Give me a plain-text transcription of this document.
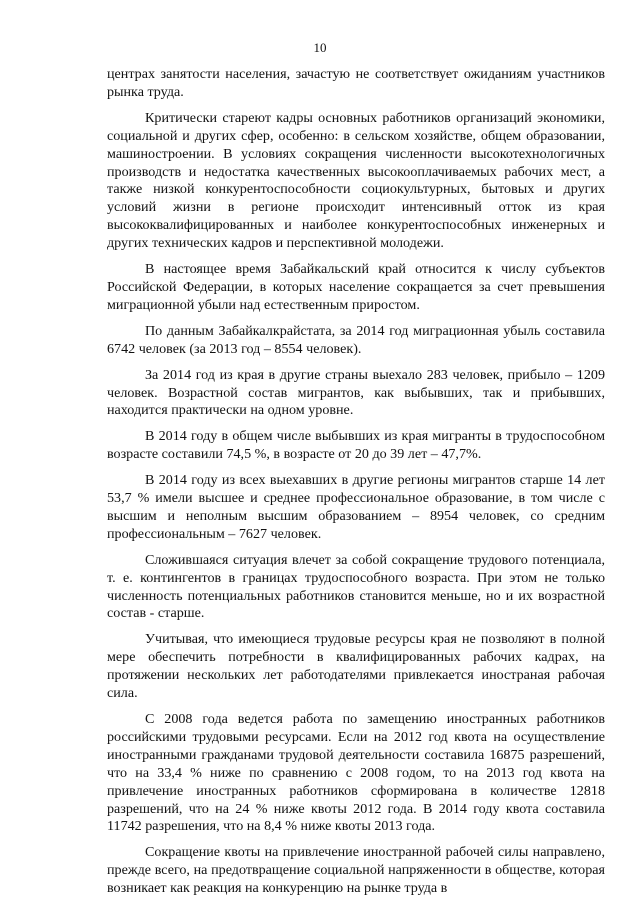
10

центрах занятости населения, зачастую не соответствует ожиданиям участников рынка труда.

Критически стареют кадры основных работников организаций экономики, социальной и других сфер, особенно: в сельском хозяйстве, общем образовании, машиностроении. В условиях сокращения численности высокотехнологичных производств и недостатка качественных высокооплачиваемых рабочих мест, а также низкой конкурентоспособности социокультурных, бытовых и других условий жизни в регионе происходит интенсивный отток из края высококвалифицированных и наиболее конкурентоспособных инженерных и других технических кадров и перспективной молодежи.

В настоящее время Забайкальский край относится к числу субъектов Российской Федерации, в которых население сокращается за счет превышения миграционной убыли над естественным приростом.

По данным Забайкалкрайстата, за 2014 год миграционная убыль составила 6742 человек (за 2013 год – 8554 человек).

За 2014 год из края в другие страны выехало 283 человек, прибыло – 1209 человек. Возрастной состав мигрантов, как выбывших, так и прибывших, находится практически на одном уровне.

В 2014 году в общем числе выбывших из края мигранты в трудоспособном возрасте составили 74,5 %, в возрасте от 20 до 39 лет – 47,7%.

В 2014 году из всех выехавших в другие регионы мигрантов старше 14 лет 53,7 % имели высшее и среднее профессиональное образование, в том числе с высшим и неполным высшим образованием – 8954 человек, со средним профессиональным – 7627 человек.

Сложившаяся ситуация влечет за собой сокращение трудового потенциала, т. е. контингентов в границах трудоспособного возраста. При этом не только численность потенциальных работников становится меньше, но и их возрастной состав - старше.

Учитывая, что имеющиеся трудовые ресурсы края не позволяют в полной мере обеспечить потребности в квалифицированных рабочих кадрах, на протяжении нескольких лет работодателями привлекается иностраная рабочая сила.

С 2008 года ведется работа по замещению иностранных работников российскими трудовыми ресурсами. Если на 2012 год квота на осуществление иностранными гражданами трудовой деятельности составила 16875 разрешений, что на 33,4 % ниже по сравнению с 2008 годом, то на 2013 год квота на привлечение иностранных работников сформирована в количестве 12818 разрешений, что на 24 % ниже квоты 2012 года. В 2014 году квота составила 11742 разрешения, что на 8,4 % ниже квоты 2013 года.

Сокращение квоты на привлечение иностранной рабочей силы направлено, прежде всего, на предотвращение социальной напряженности в обществе, которая возникает как реакция на конкуренцию на рынке труда в
